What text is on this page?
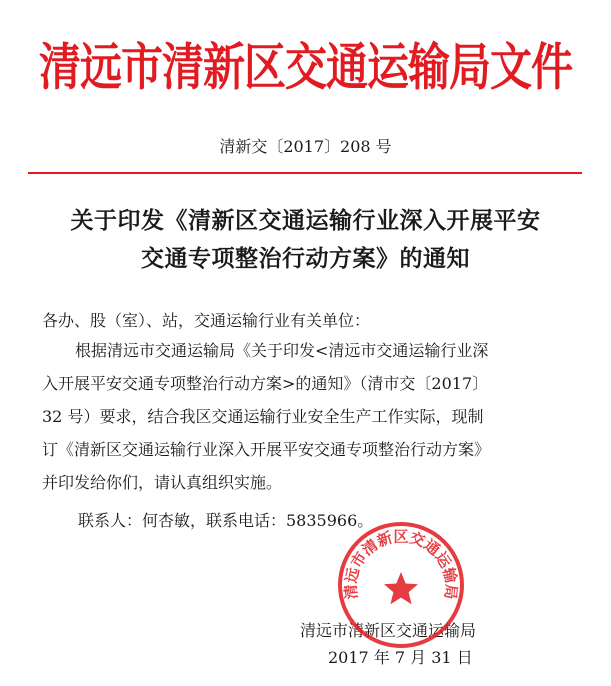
清远市清新区交通运输局文件
清新交〔2017〕208 号
关于印发《清新区交通运输行业深入开展平安
交通专项整治行动方案》的通知
各办、股（室）、站，交通运输行业有关单位：
根据清远市交通运输局《关于印发<清远市交通运输行业深
入开展平安交通专项整治行动方案>的通知》（清市交〔2017〕
32 号）要求，结合我区交通运输行业安全生产工作实际，现制
订《清新区交通运输行业深入开展平安交通专项整治行动方案》
并印发给你们，请认真组织实施。
联系人：何杏敏，联系电话：5835966。
清远市清新区交通运输局
2017 年 7 月 31 日
清远市清新区交通运输局
